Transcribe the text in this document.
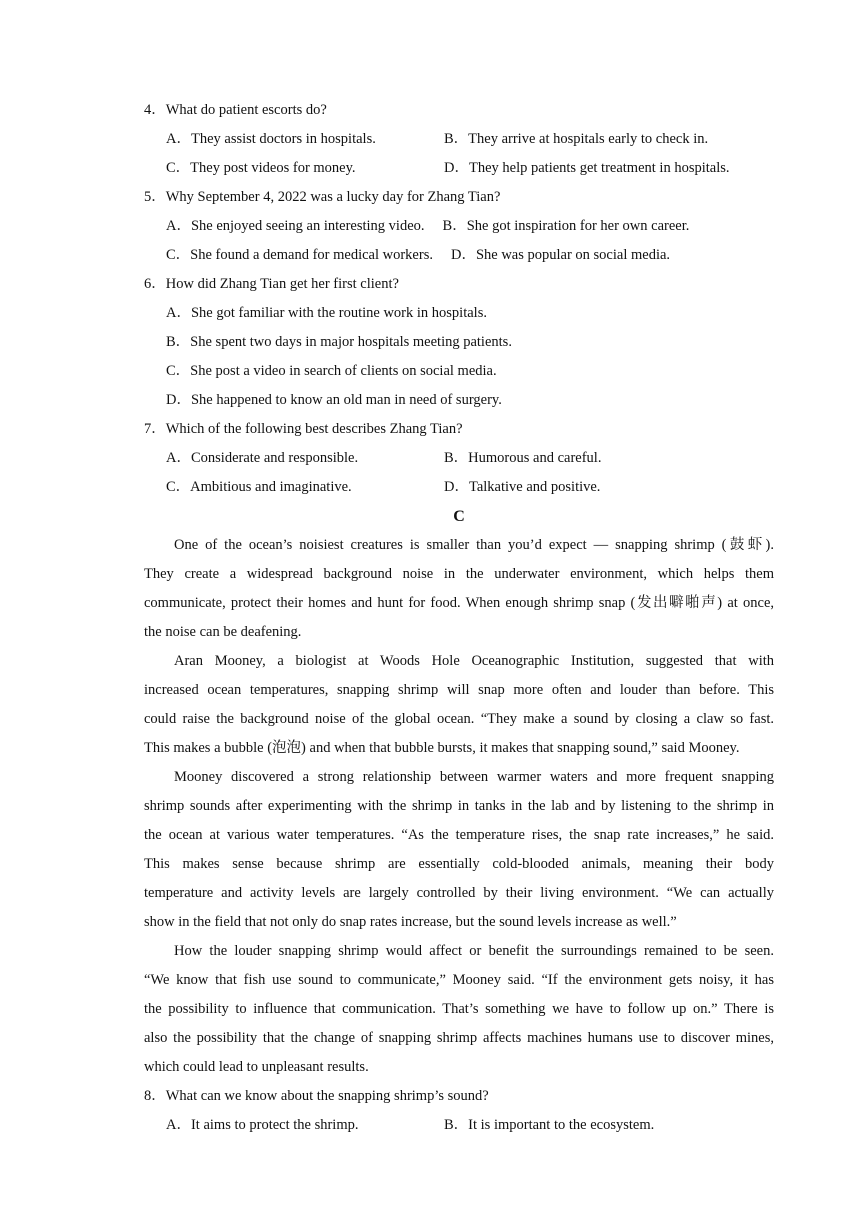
4．What do patient escorts do?
A．They assist doctors in hospitals.	B．They arrive at hospitals early to check in.
C．They post videos for money.	D．They help patients get treatment in hospitals.
5．Why September 4, 2022 was a lucky day for Zhang Tian?
A．She enjoyed seeing an interesting video. B．She got inspiration for her own career.
C．She found a demand for medical workers. D．She was popular on social media.
6．How did Zhang Tian get her first client?
A．She got familiar with the routine work in hospitals.
B．She spent two days in major hospitals meeting patients.
C．She post a video in search of clients on social media.
D．She happened to know an old man in need of surgery.
7．Which of the following best describes Zhang Tian?
A．Considerate and responsible.	B．Humorous and careful.
C．Ambitious and imaginative.	D．Talkative and positive.
C
One of the ocean’s noisiest creatures is smaller than you’d expect — snapping shrimp (鼓虾).
They create a widespread background noise in the underwater environment, which helps them
communicate, protect their homes and hunt for food. When enough shrimp snap (发出噼啪声) at once,
the noise can be deafening.
Aran Mooney, a biologist at Woods Hole Oceanographic Institution, suggested that with
increased ocean temperatures, snapping shrimp will snap more often and louder than before. This
could raise the background noise of the global ocean. “They make a sound by closing a claw so fast.
This makes a bubble (泡泡) and when that bubble bursts, it makes that snapping sound,” said Mooney.
Mooney discovered a strong relationship between warmer waters and more frequent snapping
shrimp sounds after experimenting with the shrimp in tanks in the lab and by listening to the shrimp in
the ocean at various water temperatures. “As the temperature rises, the snap rate increases,” he said.
This makes sense because shrimp are essentially cold-blooded animals, meaning their body
temperature and activity levels are largely controlled by their living environment. “We can actually
show in the field that not only do snap rates increase, but the sound levels increase as well.”
How the louder snapping shrimp would affect or benefit the surroundings remained to be seen.
“We know that fish use sound to communicate,” Mooney said. “If the environment gets noisy, it has
the possibility to influence that communication. That’s something we have to follow up on.” There is
also the possibility that the change of snapping shrimp affects machines humans use to discover mines,
which could lead to unpleasant results.
8．What can we know about the snapping shrimp’s sound?
A．It aims to protect the shrimp.	B．It is important to the ecosystem.
